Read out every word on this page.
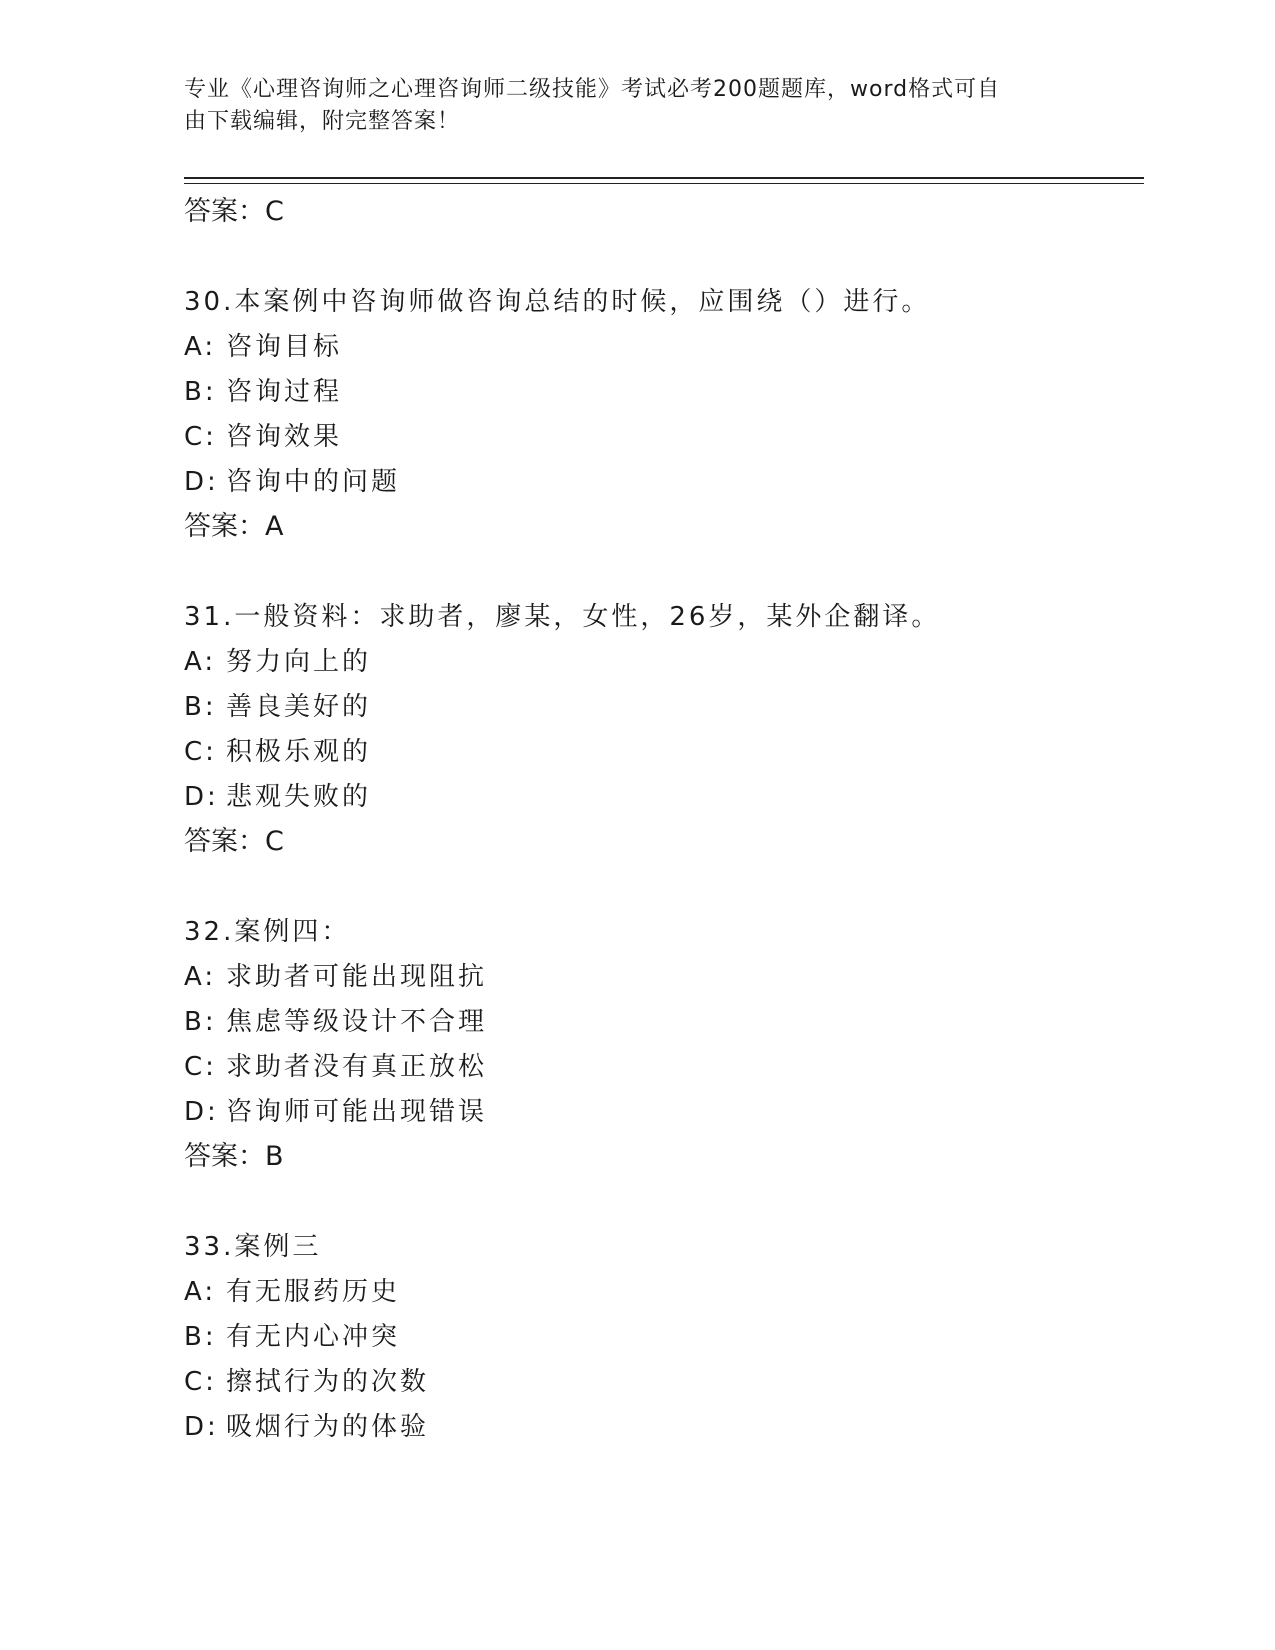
专业《心理咨询师之心理咨询师二级技能》考试必考200题题库，word格式可自
由下载编辑，附完整答案！
答案：C
30.本案例中咨询师做咨询总结的时候，应围绕（）进行。
A: 咨询目标
B: 咨询过程
C: 咨询效果
D: 咨询中的问题
答案：A
31.一般资料：求助者，廖某，女性，26岁，某外企翻译。
A: 努力向上的
B: 善良美好的
C: 积极乐观的
D: 悲观失败的
答案：C
32.案例四：
A: 求助者可能出现阻抗
B: 焦虑等级设计不合理
C: 求助者没有真正放松
D: 咨询师可能出现错误
答案：B
33.案例三
A: 有无服药历史
B: 有无内心冲突
C: 擦拭行为的次数
D: 吸烟行为的体验
